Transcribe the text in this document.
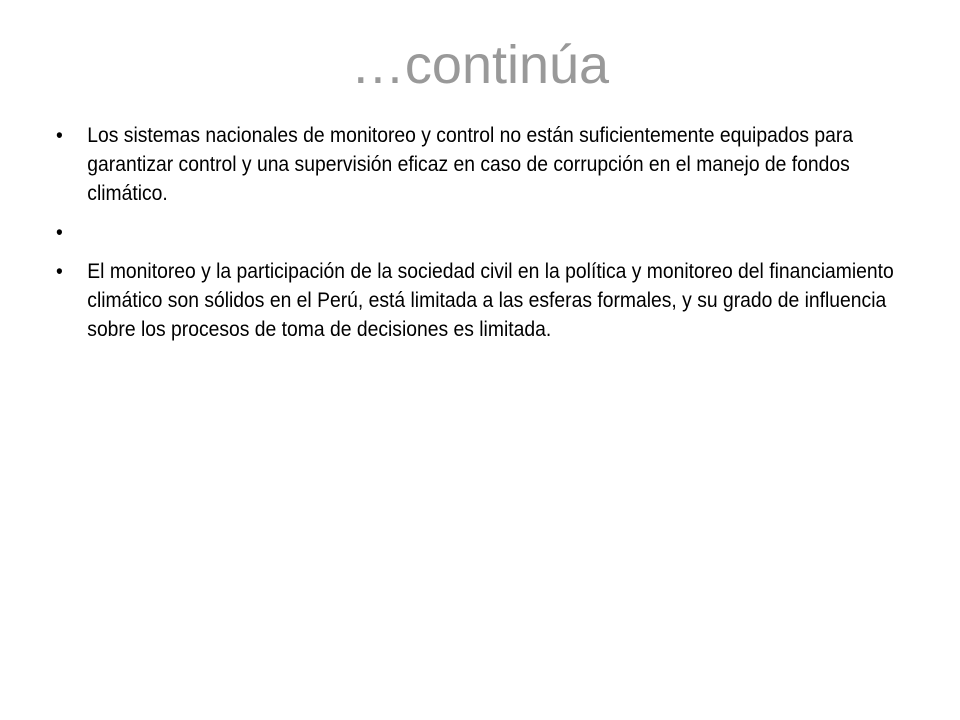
…continúa
•	Los sistemas nacionales de monitoreo y control no están suficientemente equipados para garantizar control y una supervisión eficaz en caso de corrupción en el manejo de fondos climático.
•
•	El monitoreo y la participación de la sociedad civil en la política y monitoreo del financiamiento climático son sólidos en el Perú, está limitada a las esferas formales, y su grado de influencia sobre los procesos de toma de decisiones es limitada.
